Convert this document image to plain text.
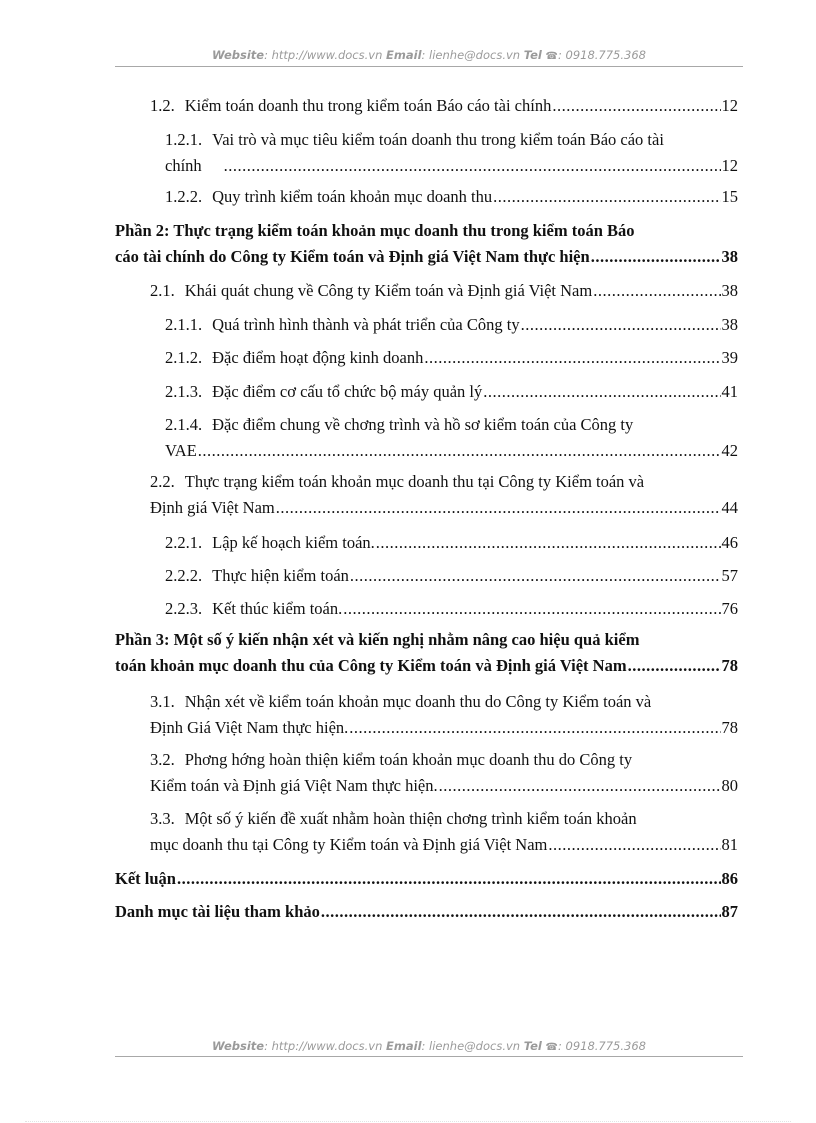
Website: http://www.docs.vn Email: lienhe@docs.vn Tel ☎: 0918.775.368
1.2. Kiểm toán doanh thu trong kiểm toán Báo cáo tài chính .....	12
1.2.1. Vai trò và mục tiêu kiểm toán doanh thu trong kiểm toán Báo cáo tài
chính .....	12
1.2.2. Quy trình kiểm toán khoản mục doanh thu .....	15
Phần 2: Thực trạng kiểm toán khoản mục doanh thu trong kiểm toán Báo
cáo tài chính do Công ty Kiểm toán và Định giá Việt Nam thực hiện .....	38
2.1. Khái quát chung về Công ty Kiểm toán và Định giá Việt Nam .....	38
2.1.1. Quá trình hình thành và phát triển của Công ty .....	38
2.1.2. Đặc điểm hoạt động kinh doanh .....	39
2.1.3. Đặc điểm cơ cấu tổ chức bộ máy quản lý .....	41
2.1.4. Đặc điểm chung về chơng trình và hồ sơ kiểm toán của Công ty
VAE .....	42
2.2. Thực trạng kiểm toán khoản mục doanh thu tại Công ty Kiểm toán và
Định giá Việt Nam .....	44
2.2.1. Lập kế hoạch kiểm toán. .....	46
2.2.2. Thực hiện kiểm toán .....	57
2.2.3. Kết thúc kiểm toán. .....	76
Phần 3: Một số ý kiến nhận xét và kiến nghị nhằm nâng cao hiệu quả kiểm
toán khoản mục doanh thu của Công ty Kiểm toán và Định giá Việt Nam .....	78
3.1. Nhận xét về kiểm toán khoản mục doanh thu do Công ty Kiểm toán và
Định Giá Việt Nam thực hiện. .....	78
3.2. Phơng hớng hoàn thiện kiểm toán khoản mục doanh thu do Công ty
Kiểm toán và Định giá Việt Nam thực hiện. .....	80
3.3. Một số ý kiến đề xuất nhằm hoàn thiện chơng trình kiểm toán khoản
mục doanh thu tại Công ty Kiểm toán và Định giá Việt Nam .....	81
Kết luận .....	86
Danh mục tài liệu tham khảo .....	87
Website: http://www.docs.vn Email: lienhe@docs.vn Tel ☎: 0918.775.368
